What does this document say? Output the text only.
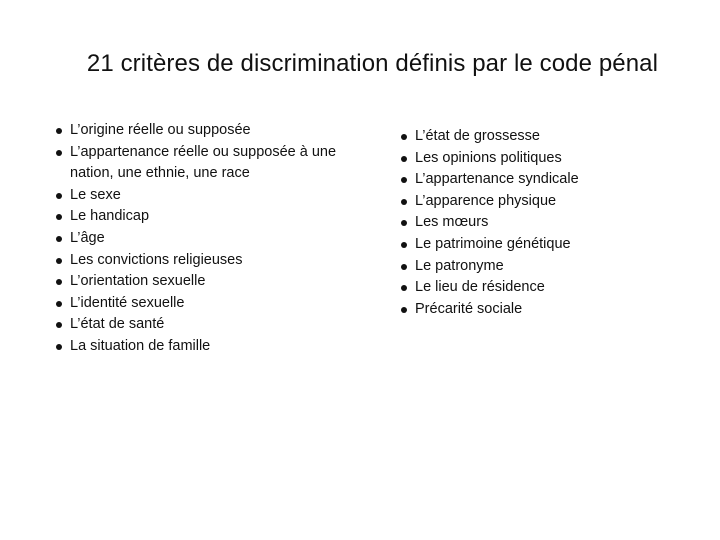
21 critères de discrimination définis par le code pénal
L’origine réelle ou supposée
L’appartenance réelle ou supposée à une nation, une ethnie, une race
Le sexe
Le handicap
L’âge
Les convictions religieuses
L’orientation sexuelle
L’identité sexuelle
L’état de santé
La situation de famille
L’état de grossesse
Les opinions politiques
L’appartenance syndicale
L’apparence physique
Les mœurs
Le patrimoine génétique
Le patronyme
Le lieu de résidence
Précarité sociale
